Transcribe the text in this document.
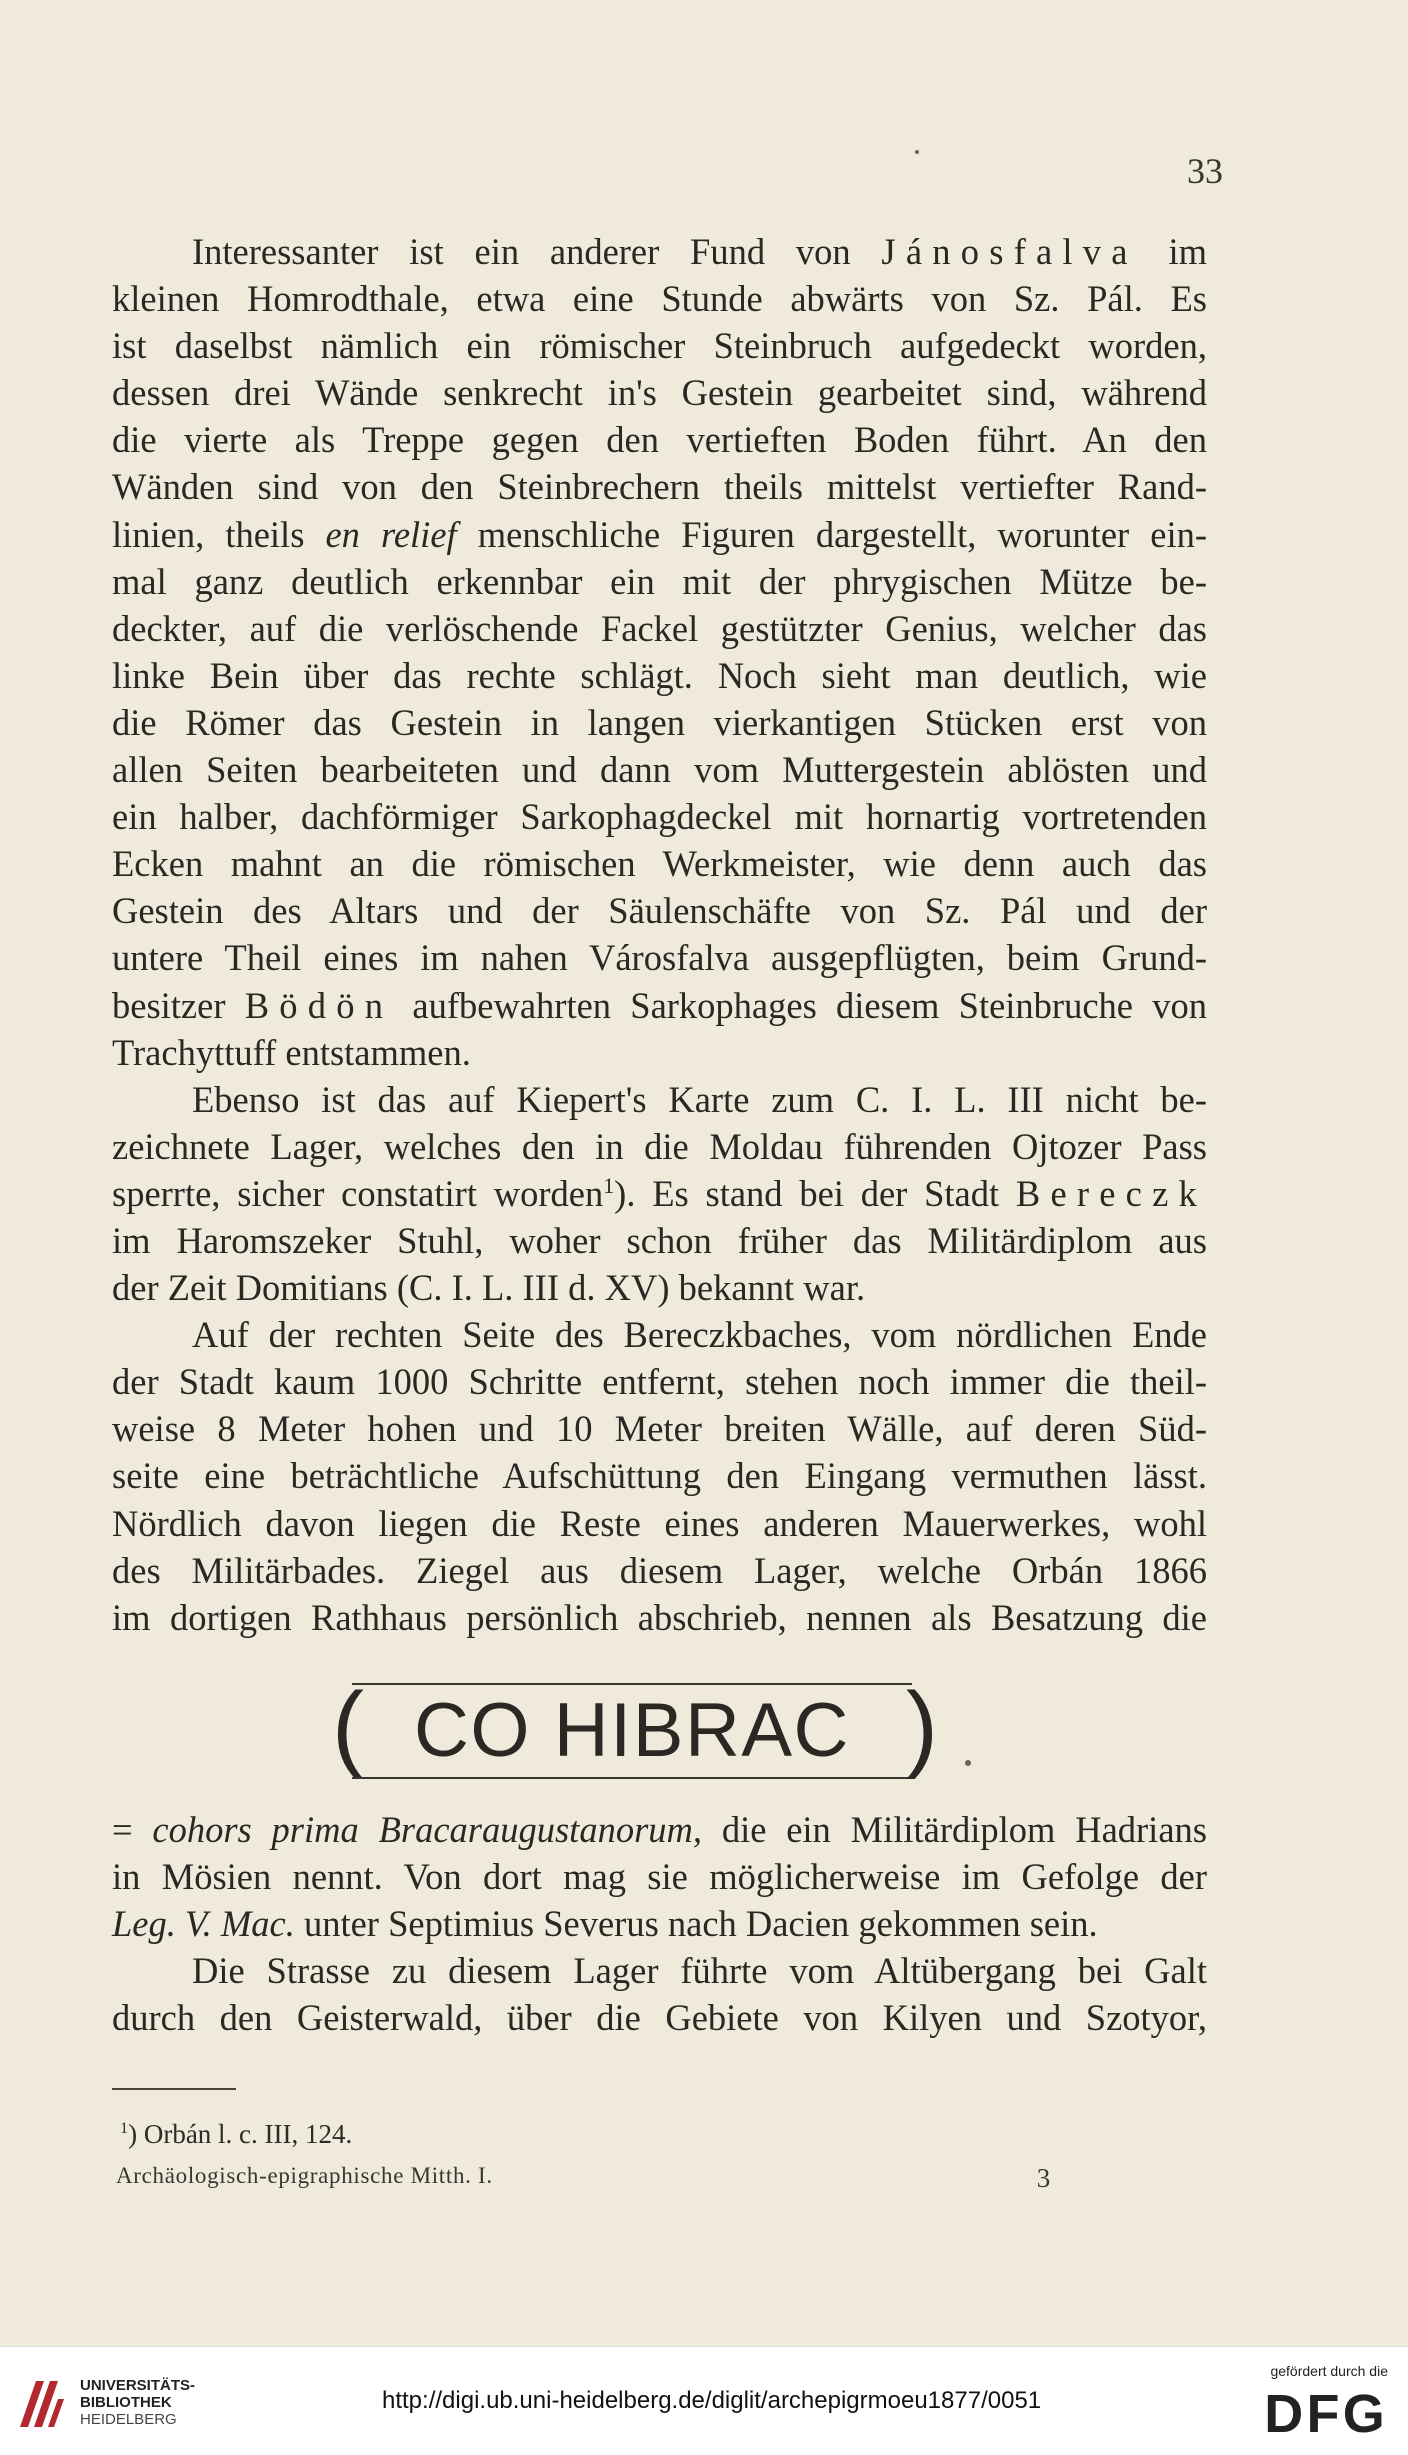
33
Interessanter ist ein anderer Fund von Jánosfalva im
kleinen Homrodthale, etwa eine Stunde abwärts von Sz. Pál. Es
ist daselbst nämlich ein römischer Steinbruch aufgedeckt worden,
dessen drei Wände senkrecht in's Gestein gearbeitet sind, während
die vierte als Treppe gegen den vertieften Boden führt. An den
Wänden sind von den Steinbrechern theils mittelst vertiefter Rand-
linien, theils en relief menschliche Figuren dargestellt, worunter ein-
mal ganz deutlich erkennbar ein mit der phrygischen Mütze be-
deckter, auf die verlöschende Fackel gestützter Genius, welcher das
linke Bein über das rechte schlägt. Noch sieht man deutlich, wie
die Römer das Gestein in langen vierkantigen Stücken erst von
allen Seiten bearbeiteten und dann vom Muttergestein ablösten und
ein halber, dachförmiger Sarkophagdeckel mit hornartig vortretenden
Ecken mahnt an die römischen Werkmeister, wie denn auch das
Gestein des Altars und der Säulenschäfte von Sz. Pál und der
untere Theil eines im nahen Városfalva ausgepflügten, beim Grund-
besitzer Bödön aufbewahrten Sarkophages diesem Steinbruche von
Trachyttuff entstammen.
Ebenso ist das auf Kiepert's Karte zum C. I. L. III nicht be-
zeichnete Lager, welches den in die Moldau führenden Ojtozer Pass
sperrte, sicher constatirt worden$^1$). Es stand bei der Stadt Bereczk
im Haromszeker Stuhl, woher schon früher das Militärdiplom aus
der Zeit Domitians (C. I. L. III d. XV) bekannt war.
Auf der rechten Seite des Bereczkbaches, vom nördlichen Ende
der Stadt kaum 1000 Schritte entfernt, stehen noch immer die theil-
weise 8 Meter hohen und 10 Meter breiten Wälle, auf deren Süd-
seite eine beträchtliche Aufschüttung den Eingang vermuthen lässt.
Nördlich davon liegen die Reste eines anderen Mauerwerkes, wohl
des Militärbades. Ziegel aus diesem Lager, welche Orbán 1866
im dortigen Rathhaus persönlich abschrieb, nennen als Besatzung die
( CO HIBRAC )
= cohors prima Bracaraugustanorum, die ein Militärdiplom Hadrians
in Mösien nennt. Von dort mag sie möglicherweise im Gefolge der
Leg. V. Mac. unter Septimius Severus nach Dacien gekommen sein.
Die Strasse zu diesem Lager führte vom Altübergang bei Galt
durch den Geisterwald, über die Gebiete von Kilyen und Szotyor,
$^1$) Orbán l. c. III, 124.
Archäologisch-epigraphische Mitth. I.	3
UNIVERSITÄTS-
BIBLIOTHEK
HEIDELBERG
http://digi.ub.uni-heidelberg.de/diglit/archepigrmoeu1877/0051
gefördert durch die
DFG
